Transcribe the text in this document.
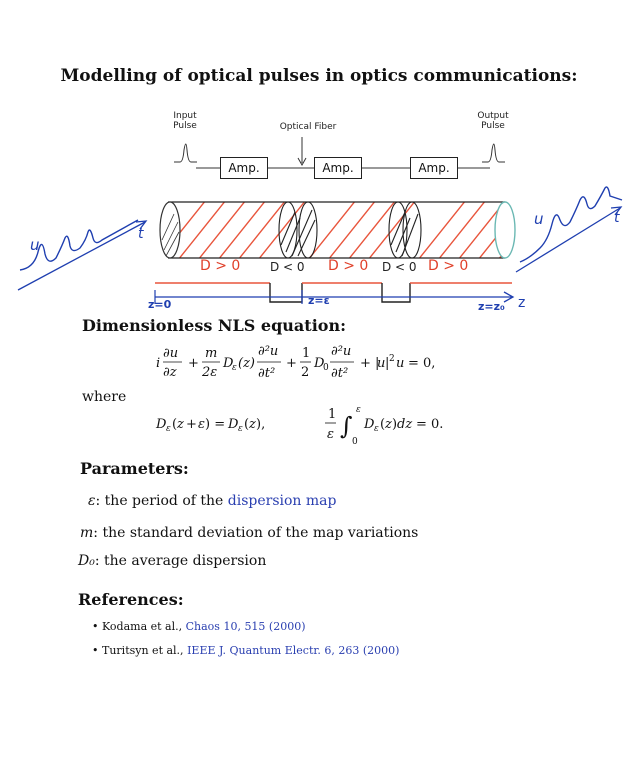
Modelling of optical pulses in optics communications:
Input
Pulse
Output
Pulse
Optical Fiber
Amp.	Amp.	Amp.
D > 0 D < 0 D > 0 D < 0 D > 0
z=0	z=ε	z=z₀ z
u
t
u	t
Dimensionless NLS equation:
i
∂u
∂z
+
m
2ε
D
ε (z)
∂²u
∂t²
+
1
2
D
0
∂²u
∂t²
+ |
u | 2 u = 0,
where
D ε ( z + ε ) = D ε ( z ),
1
ε ∫
ε
0
D ε ( z ) dz = 0.
Parameters:
ε: the period of the dispersion map
m: the standard deviation of the map variations
D₀: the average dispersion
References:
• Kodama et al., Chaos 10, 515 (2000)
• Turitsyn et al., IEEE J. Quantum Electr. 6, 263 (2000)
